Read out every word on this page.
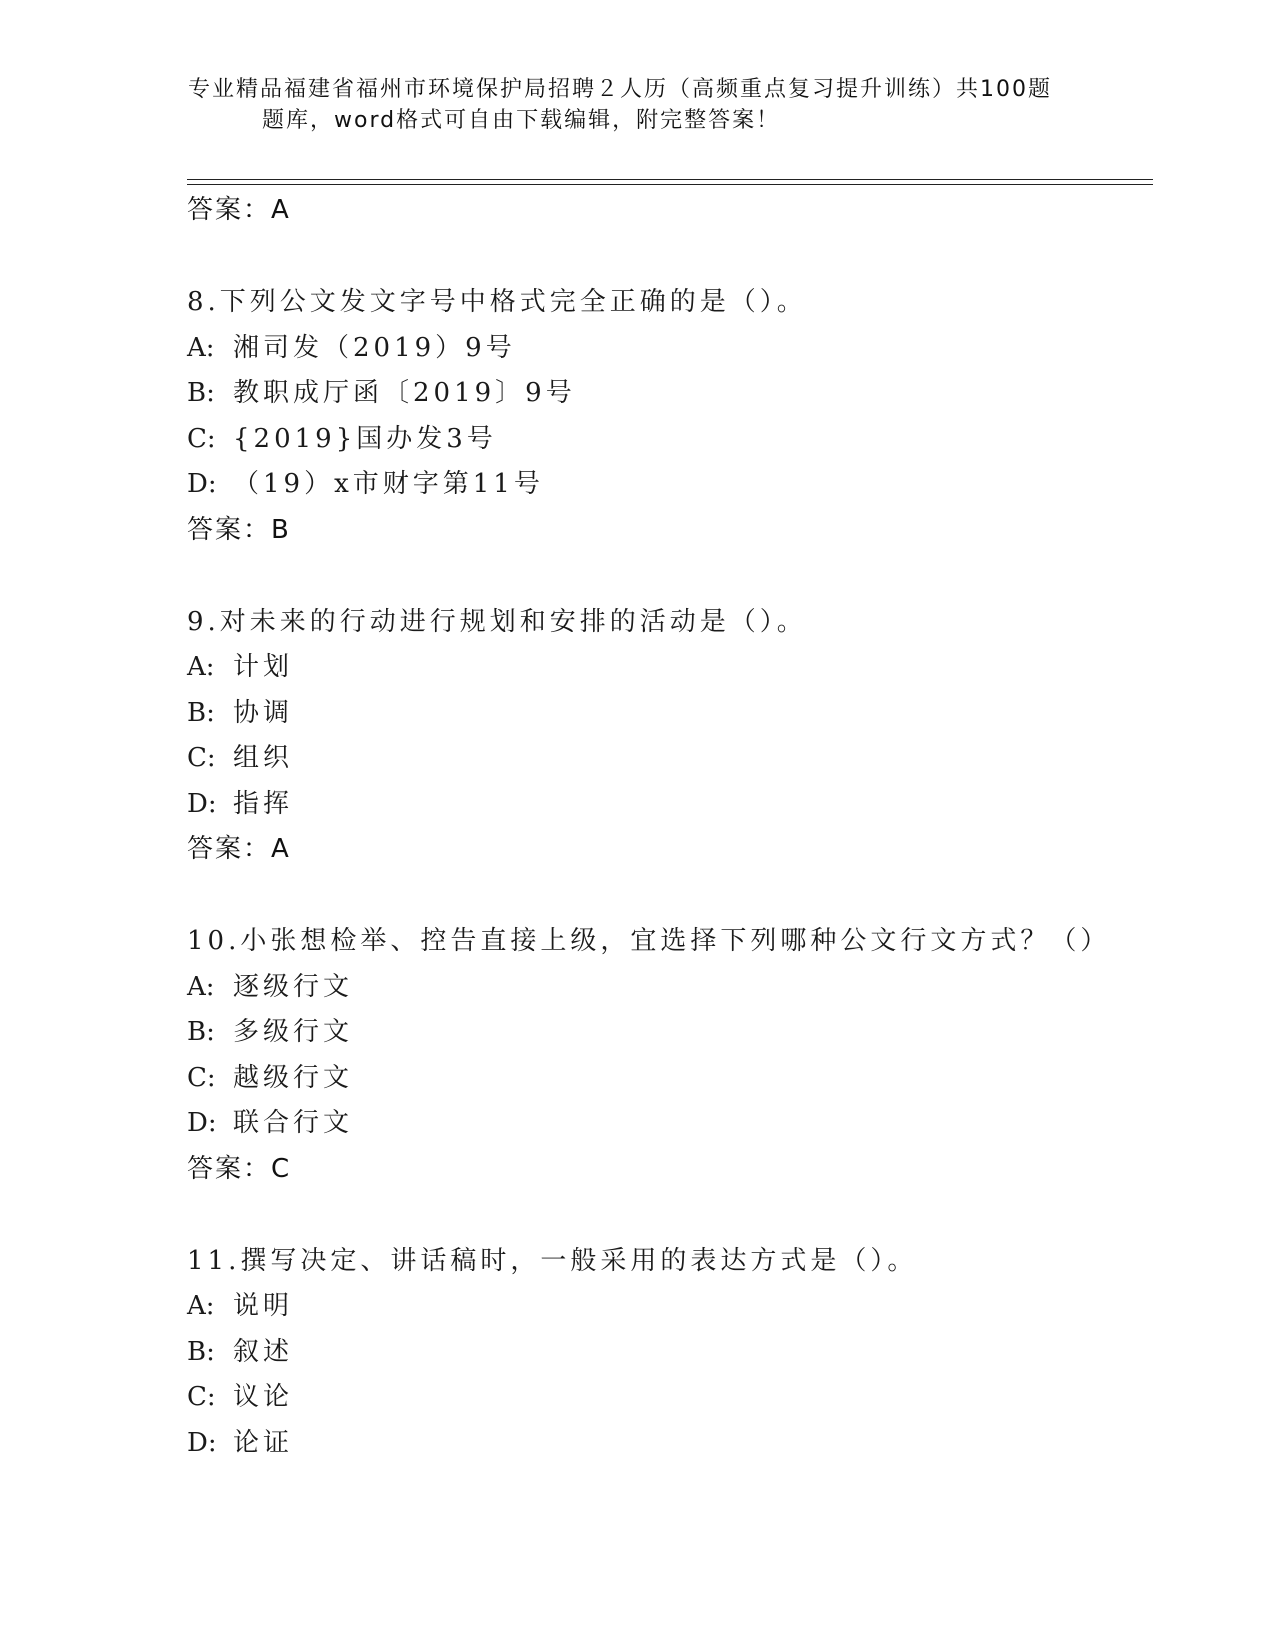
专业精品福建省福州市环境保护局招聘２人历（高频重点复习提升训练）共100题
题库，word格式可自由下载编辑，附完整答案！
答案：A
8.下列公文发文字号中格式完全正确的是（）。
A: 湘司发（2019）9号
B: 教职成厅函〔2019〕9号
C: {2019}国办发3号
D: （19）x市财字第11号
答案：B
9.对未来的行动进行规划和安排的活动是（）。
A: 计划
B: 协调
C: 组织
D: 指挥
答案：A
10.小张想检举、控告直接上级，宜选择下列哪种公文行文方式？（）
A: 逐级行文
B: 多级行文
C: 越级行文
D: 联合行文
答案：C
11.撰写决定、讲话稿时，一般采用的表达方式是（）。
A: 说明
B: 叙述
C: 议论
D: 论证
